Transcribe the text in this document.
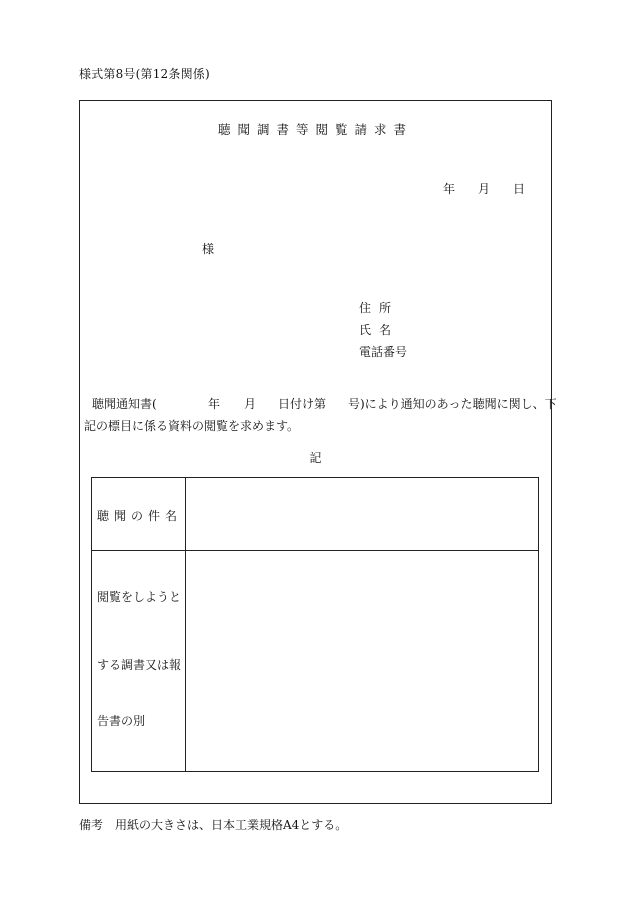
様式第8号(第12条関係)
聴聞調書等閲覧請求書
年 月 日
様
住所
氏名
電話番号
聴聞通知書(	年 月 日付け第 号)により通知のあった聴聞に関し、下
記の標目に係る資料の閲覧を求めます。
記
聴聞の件名
閲覧をしようと
する調書又は報
告書の別
備考　用紙の大きさは、日本工業規格A4とする。
